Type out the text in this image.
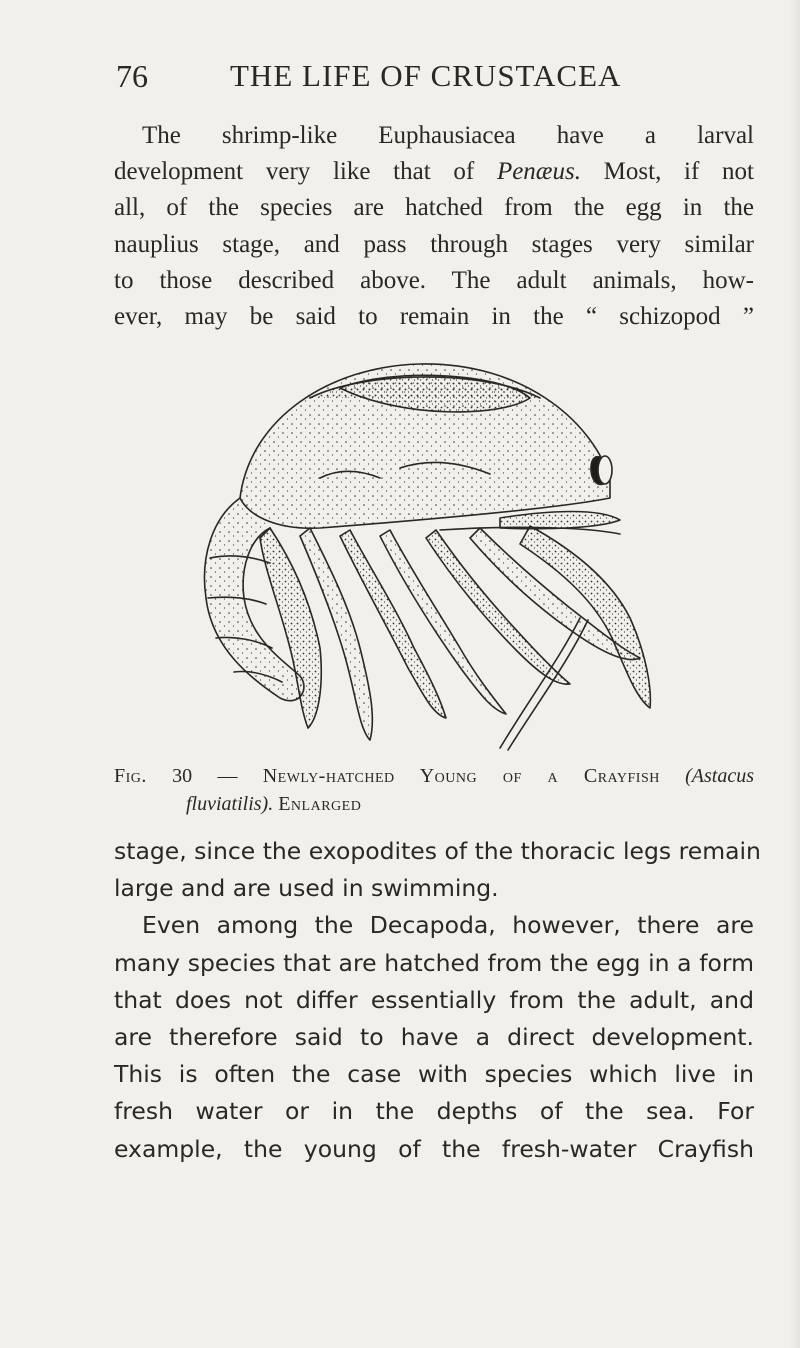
76	THE LIFE OF CRUSTACEA

The shrimp-like Euphausiacea have a larval
development very like that of Penæus. Most, if not
all, of the species are hatched from the egg in the
nauplius stage, and pass through stages very similar
to those described above. The adult animals, how-
ever, may be said to remain in the “ schizopod ”

Fig. 30 — Newly-hatched Young of a Crayfish (Astacus
fluviatilis). Enlarged

stage, since the exopodites of the thoracic legs remain
large and are used in swimming.
Even among the Decapoda, however, there are
many species that are hatched from the egg in a form
that does not differ essentially from the adult, and
are therefore said to have a direct development.
This is often the case with species which live in
fresh water or in the depths of the sea. For
example, the young of the fresh-water Crayfish
